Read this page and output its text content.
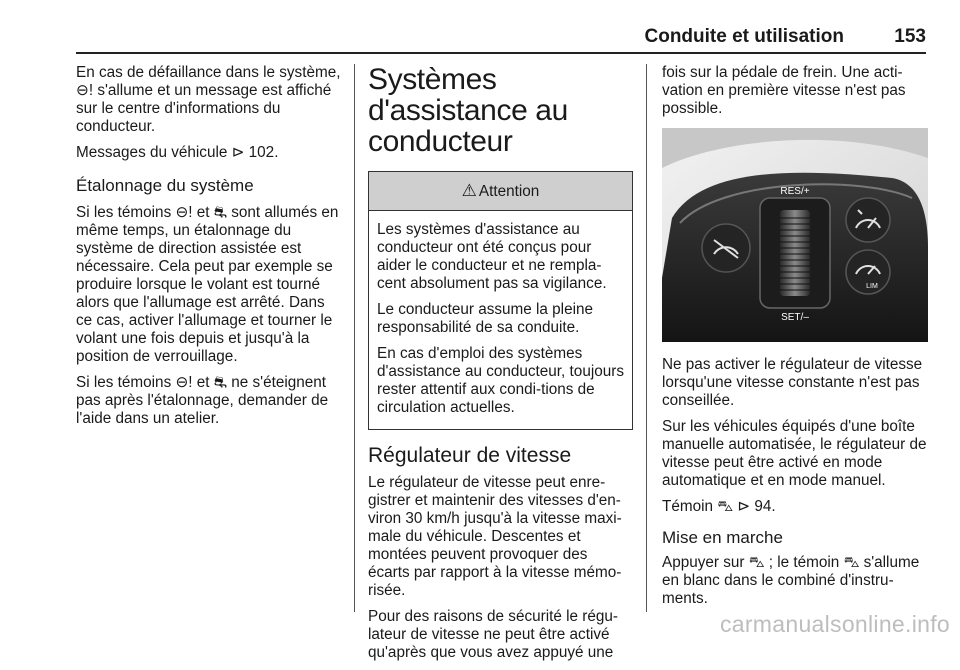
Conduite et utilisation	153

En cas de défaillance dans le système, ⊖! s'allume et un message est affiché sur le centre d'informations du conducteur.

Messages du véhicule ⊳ 102.

Étalonnage du système

Si les témoins ⊖! et ⛐ sont allumés en même temps, un étalonnage du système de direction assistée est nécessaire. Cela peut par exemple se produire lorsque le volant est tourné alors que l'allumage est arrêté. Dans ce cas, activer l'allumage et tourner le volant une fois depuis et jusqu'à la position de verrouillage.

Si les témoins ⊖! et ⛐ ne s'éteignent pas après l'étalonnage, demander de l'aide dans un atelier.

Systèmes d'assistance au conducteur
⚠ Attention

Les systèmes d'assistance au conducteur ont été conçus pour aider le conducteur et ne rempla-cent absolument pas sa vigilance.

Le conducteur assume la pleine responsabilité de sa conduite.

En cas d'emploi des systèmes d'assistance au conducteur, toujours rester attentif aux condi-tions de circulation actuelles.

Régulateur de vitesse

Le régulateur de vitesse peut enre-gistrer et maintenir des vitesses d'en-viron 30 km/h jusqu'à la vitesse maxi-male du véhicule. Descentes et montées peuvent provoquer des écarts par rapport à la vitesse mémo-risée.

Pour des raisons de sécurité le régu-lateur de vitesse ne peut être activé qu'après que vous avez appuyé une

fois sur la pédale de frein. Une acti-vation en première vitesse n'est pas possible.

RES/+
SET/–
LIM

Ne pas activer le régulateur de vitesse lorsqu'une vitesse constante n'est pas conseillée.

Sur les véhicules équipés d'une boîte manuelle automatisée, le régulateur de vitesse peut être activé en mode automatique et en mode manuel.

Témoin ⛍ ⊳ 94.

Mise en marche

Appuyer sur ⛍ ; le témoin ⛍ s'allume en blanc dans le combiné d'instru-ments.

carmanualsonline.info
